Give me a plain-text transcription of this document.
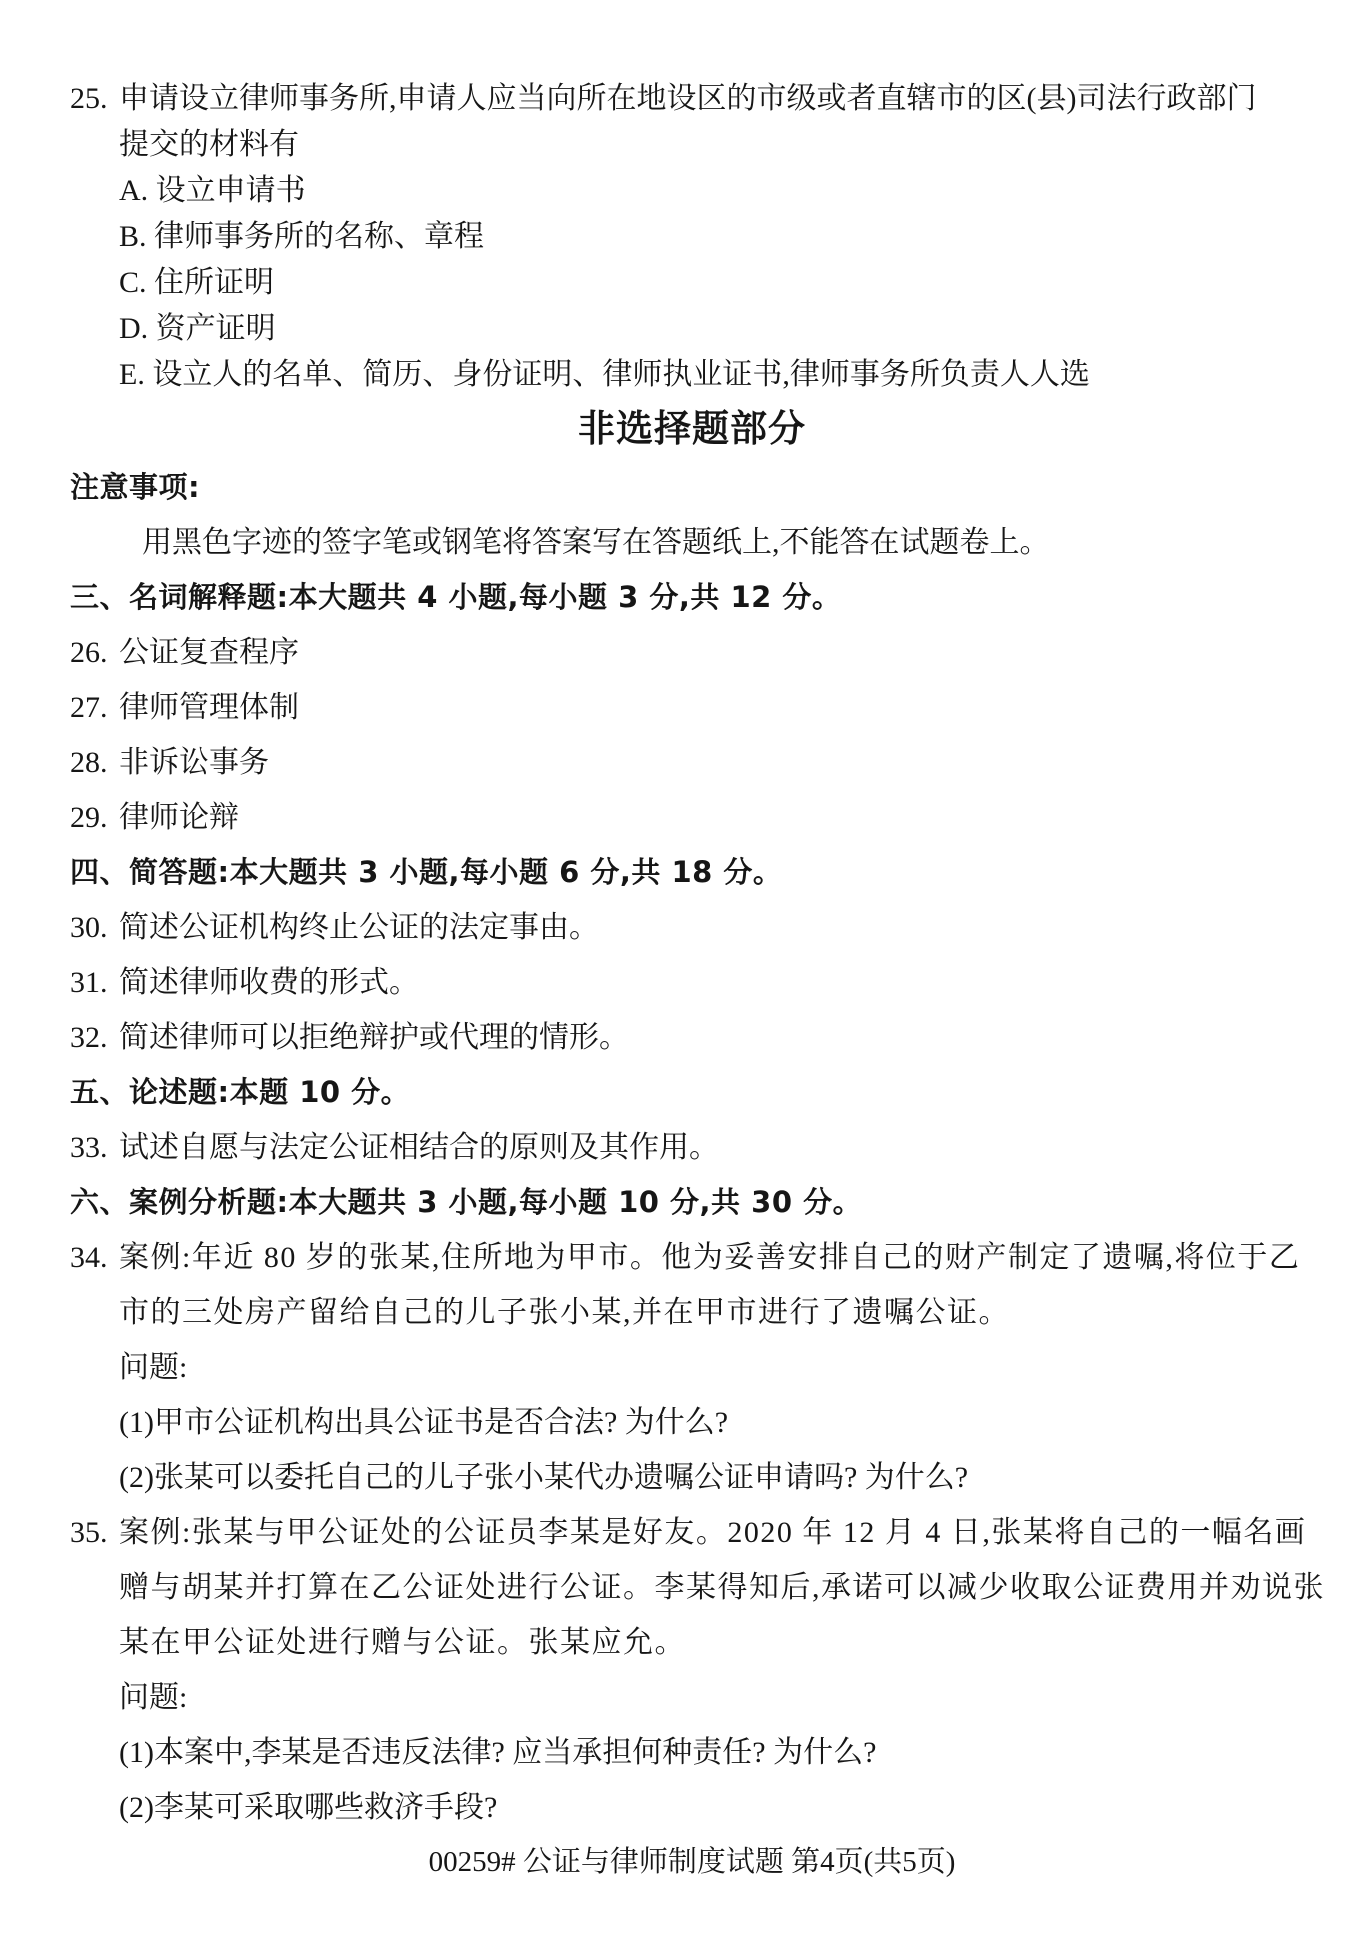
25. 申请设立律师事务所,申请人应当向所在地设区的市级或者直辖市的区(县)司法行政部门
提交的材料有
A. 设立申请书
B. 律师事务所的名称、章程
C. 住所证明
D. 资产证明
E. 设立人的名单、简历、身份证明、律师执业证书,律师事务所负责人人选
非选择题部分
注意事项:
用黑色字迹的签字笔或钢笔将答案写在答题纸上,不能答在试题卷上。
三、名词解释题:本大题共 4 小题,每小题 3 分,共 12 分。
26. 公证复查程序
27. 律师管理体制
28. 非诉讼事务
29. 律师论辩
四、简答题:本大题共 3 小题,每小题 6 分,共 18 分。
30. 简述公证机构终止公证的法定事由。
31. 简述律师收费的形式。
32. 简述律师可以拒绝辩护或代理的情形。
五、论述题:本题 10 分。
33. 试述自愿与法定公证相结合的原则及其作用。
六、案例分析题:本大题共 3 小题,每小题 10 分,共 30 分。
34. 案例:年近 80 岁的张某,住所地为甲市。他为妥善安排自己的财产制定了遗嘱,将位于乙
市的三处房产留给自己的儿子张小某,并在甲市进行了遗嘱公证。
问题:
(1)甲市公证机构出具公证书是否合法? 为什么?
(2)张某可以委托自己的儿子张小某代办遗嘱公证申请吗? 为什么?
35. 案例:张某与甲公证处的公证员李某是好友。2020 年 12 月 4 日,张某将自己的一幅名画
赠与胡某并打算在乙公证处进行公证。李某得知后,承诺可以减少收取公证费用并劝说张
某在甲公证处进行赠与公证。张某应允。
问题:
(1)本案中,李某是否违反法律? 应当承担何种责任? 为什么?
(2)李某可采取哪些救济手段?
00259# 公证与律师制度试题 第4页(共5页)
